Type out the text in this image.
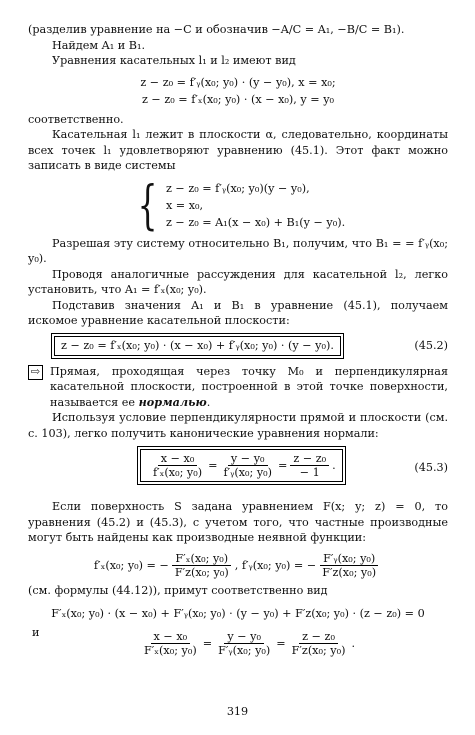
(разделив уравнение на −C и обозначив −A/C = A₁, −B/C = B₁).

Найдем A₁ и B₁.

Уравнения касательных l₁ и l₂ имеют вид

z − z₀ = f′ᵧ(x₀; y₀) · (y − y₀), x = x₀;

z − z₀ = f′ₓ(x₀; y₀) · (x − x₀), y = y₀

соответственно.

Касательная l₁ лежит в плоскости α, следовательно, координаты всех точек l₁ удовлетворяют уравнению (45.1). Этот факт можно записать в виде системы

{ z − z₀ = f′ᵧ(x₀; y₀)(y − y₀),
x = x₀,
z − z₀ = A₁(x − x₀) + B₁(y − y₀).

Разрешая эту систему относительно B₁, получим, что B₁ = = f′ᵧ(x₀; y₀).

Проводя аналогичные рассуждения для касательной l₂, легко установить, что A₁ = f′ₓ(x₀; y₀).

Подставив значения A₁ и B₁ в уравнение (45.1), получаем искомое уравнение касательной плоскости:

z − z₀ = f′ₓ(x₀; y₀) · (x − x₀) + f′ᵧ(x₀; y₀) · (y − y₀).	(45.2)
⇨ Прямая, проходящая через точку M₀ и перпендикулярная касательной плоскости, построенной в этой точке поверхности, называется ее нормалью.

Используя условие перпендикулярности прямой и плоскости (см. с. 103), легко получить канонические уравнения нормали:

$\frac{\text{x − x₀}}{\text{f′ₓ(x₀; y₀)}} = \frac{\text{y − y₀}}{\text{f′ᵧ(x₀; y₀)}} = \frac{\text{z − z₀}}{- 1}$ .	(45.3)

Если поверхность S задана уравнением F(x; y; z) = 0, то уравнения (45.2) и (45.3), с учетом того, что частные производные могут быть найдены как производные неявной функции:

f′ₓ(x₀; y₀) = − $\frac{\text{F′ₓ(x₀; y₀)}}{\text{F′z(x₀; y₀)}}$ , f′ᵧ(x₀; y₀) = − $\frac{\text{F′ᵧ(x₀; y₀)}}{\text{F′z(x₀; y₀)}}$

(см. формулы (44.12)), примут соответственно вид

F′ₓ(x₀; y₀) · (x − x₀) + F′ᵧ(x₀; y₀) · (y − y₀) + F′z(x₀; y₀) · (z − z₀) = 0

и	$\frac{\text{x − x₀}}{\text{F′ₓ(x₀; y₀)}} = \frac{\text{y − y₀}}{\text{F′ᵧ(x₀; y₀)}} = \frac{\text{z − z₀}}{\text{F′z(x₀; y₀)}}$ .
319
